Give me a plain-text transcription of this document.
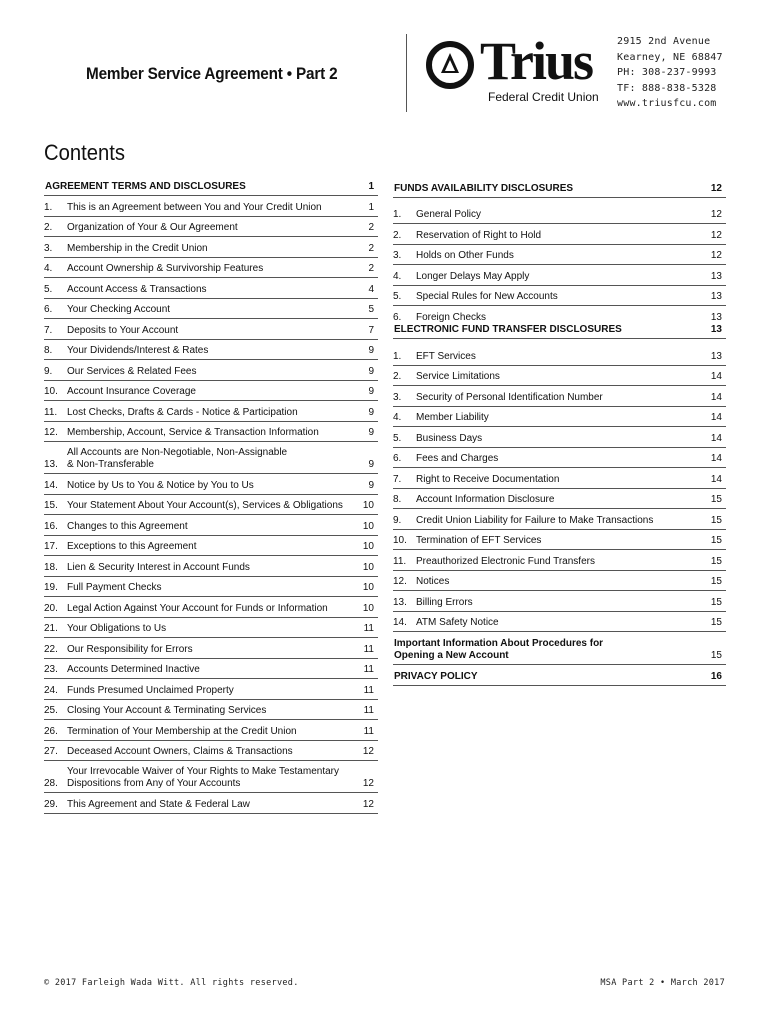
Member Service Agreement • Part 2	Trius
Federal Credit Union
2915 2nd Avenue
Kearney, NE 68847
PH: 308-237-9993
TF: 888-838-5328
www.triusfcu.com
Contents
AGREEMENT TERMS AND DISCLOSURES	1
1.	This is an Agreement between You and Your Credit Union	1
2.	Organization of Your & Our Agreement	2
3.	Membership in the Credit Union	2
4.	Account Ownership & Survivorship Features	2
5.	Account Access & Transactions	4
6.	Your Checking Account	5
7.	Deposits to Your Account	7
8.	Your Dividends/Interest & Rates	9
9.	Our Services & Related Fees	9
10. Account Insurance Coverage	9
11. Lost Checks, Drafts & Cards - Notice & Participation	9
12. Membership, Account, Service & Transaction Information	9
13.
All Accounts are Non-Negotiable, Non-Assignable
& Non-Transferable	9
14. Notice by Us to You & Notice by You to Us	9
15. Your Statement About Your Account(s), Services & Obligations	10
16. Changes to this Agreement	10
17. Exceptions to this Agreement	10
18. Lien & Security Interest in Account Funds	10
19. Full Payment Checks	10
20. Legal Action Against Your Account for Funds or Information	10
21. Your Obligations to Us	11
22. Our Responsibility for Errors	11
23. Accounts Determined Inactive	11
24. Funds Presumed Unclaimed Property	11
25. Closing Your Account & Terminating Services	11
26. Termination of Your Membership at the Credit Union	11
27. Deceased Account Owners, Claims & Transactions	12
28.
Your Irrevocable Waiver of Your Rights to Make Testamentary
Dispositions from Any of Your Accounts	12
29. This Agreement and State & Federal Law	12
FUNDS AVAILABILITY DISCLOSURES	12
1.	General Policy	12
2.	Reservation of Right to Hold	12
3.	Holds on Other Funds	12
4.	Longer Delays May Apply	13
5.	Special Rules for New Accounts	13
6.	Foreign Checks	13
ELECTRONIC FUND TRANSFER DISCLOSURES	13
1.	EFT Services	13
2.	Service Limitations	14
3.	Security of Personal Identification Number	14
4.	Member Liability	14
5.	Business Days	14
6.	Fees and Charges	14
7.	Right to Receive Documentation	14
8.	Account Information Disclosure	15
9.	Credit Union Liability for Failure to Make Transactions	15
10. Termination of EFT Services	15
11. Preauthorized Electronic Fund Transfers	15
12. Notices	15
13. Billing Errors	15
14. ATM Safety Notice	15
Important Information About Procedures for
Opening a New Account	15
PRIVACY POLICY	16
© 2017 Farleigh Wada Witt. All rights reserved.	MSA Part 2 • March 2017
